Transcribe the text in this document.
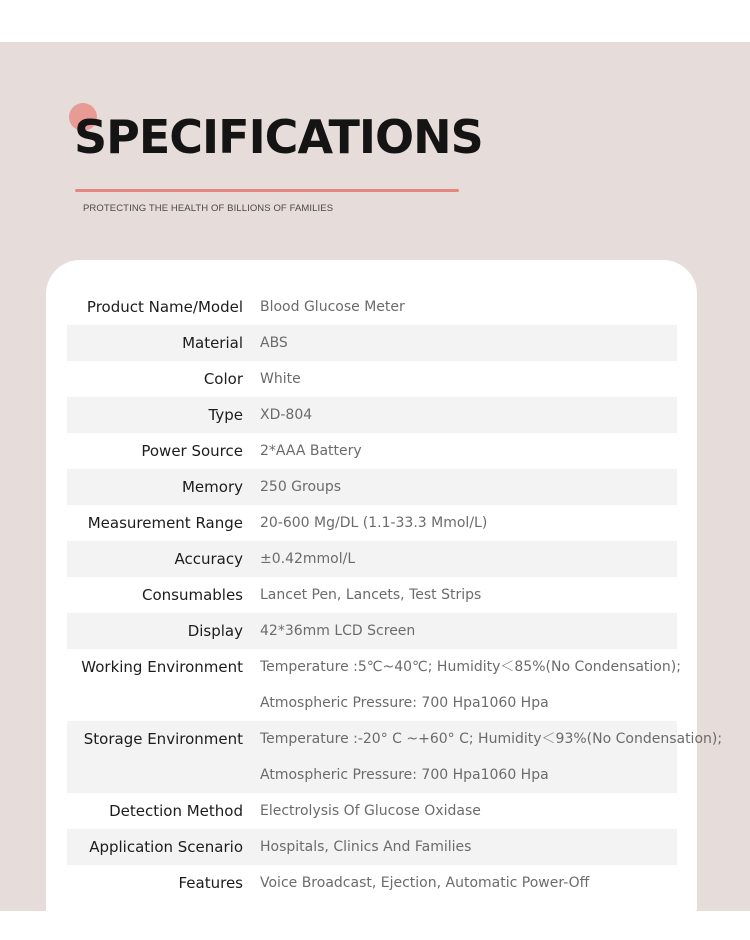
SPECIFICATIONS
PROTECTING THE HEALTH OF BILLIONS OF FAMILIES
Product Name/Model Blood Glucose Meter
Material ABS
Color White
Type XD-804
Power Source 2*AAA Battery
Memory 250 Groups
Measurement Range 20-600 Mg/DL (1.1-33.3 Mmol/L)
Accuracy ±0.42mmol/L
Consumables Lancet Pen, Lancets, Test Strips
Display 42*36mm LCD Screen
Working Environment Temperature :5℃~40℃; Humidity＜85%(No Condensation);
Atmospheric Pressure: 700 Hpa1060 Hpa
Storage Environment Temperature :-20° C ~+60° C; Humidity＜93%(No Condensation);
Atmospheric Pressure: 700 Hpa1060 Hpa
Detection Method Electrolysis Of Glucose Oxidase
Application Scenario Hospitals, Clinics And Families
Features Voice Broadcast, Ejection, Automatic Power-Off
